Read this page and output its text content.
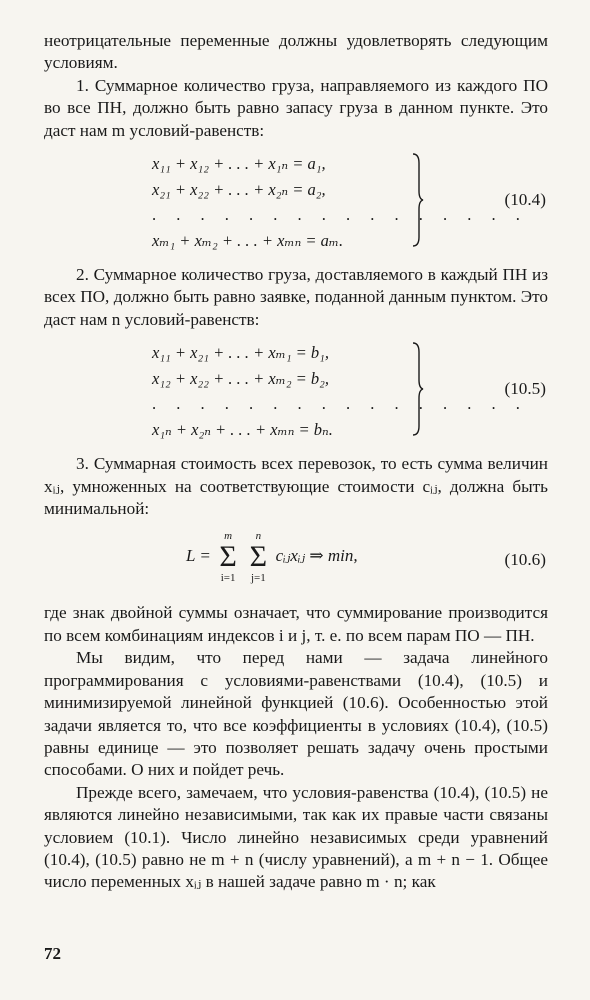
неотрицательные переменные должны удовлетворять следующим условиям.

1. Суммарное количество груза, направляемого из каждого ПО во все ПН, должно быть равно запасу груза в данном пункте. Это даст нам m условий-равенств:

x₁₁ + x₁₂ + . . . + x₁ₙ = a₁,
x₂₁ + x₂₂ + . . . + x₂ₙ = a₂,
. . . . . . . . . . . . . . . .
xₘ₁ + xₘ₂ + . . . + xₘₙ = aₘ.
(10.4)

2. Суммарное количество груза, доставляемого в каждый ПН из всех ПО, должно быть равно заявке, поданной данным пунктом. Это даст нам n условий-равенств:

x₁₁ + x₂₁ + . . . + xₘ₁ = b₁,
x₁₂ + x₂₂ + . . . + xₘ₂ = b₂,
. . . . . . . . . . . . . . . .
x₁ₙ + x₂ₙ + . . . + xₘₙ = bₙ.
(10.5)

3. Суммарная стоимость всех перевозок, то есть сумма величин xᵢⱼ, умноженных на соответствующие стоимости cᵢⱼ, должна быть минимальной:

L =
m
Σ
i=1

n
Σ
j=1
cᵢⱼxᵢⱼ ⇒ min,	(10.6)

где знак двойной суммы означает, что суммирование производится по всем комбинациям индексов i и j, т. е. по всем парам ПО — ПН.

Мы видим, что перед нами — задача линейного программирования с условиями-равенствами (10.4), (10.5) и минимизируемой линейной функцией (10.6). Особенностью этой задачи является то, что все коэффициенты в условиях (10.4), (10.5) равны единице — это позволяет решать задачу очень простыми способами. О них и пойдет речь.

Прежде всего, замечаем, что условия-равенства (10.4), (10.5) не являются линейно независимыми, так как их правые части связаны условием (10.1). Число линейно независимых среди уравнений (10.4), (10.5) равно не m + n (числу уравнений), а m + n − 1. Общее число переменных xᵢⱼ в нашей задаче равно m · n; как

72
